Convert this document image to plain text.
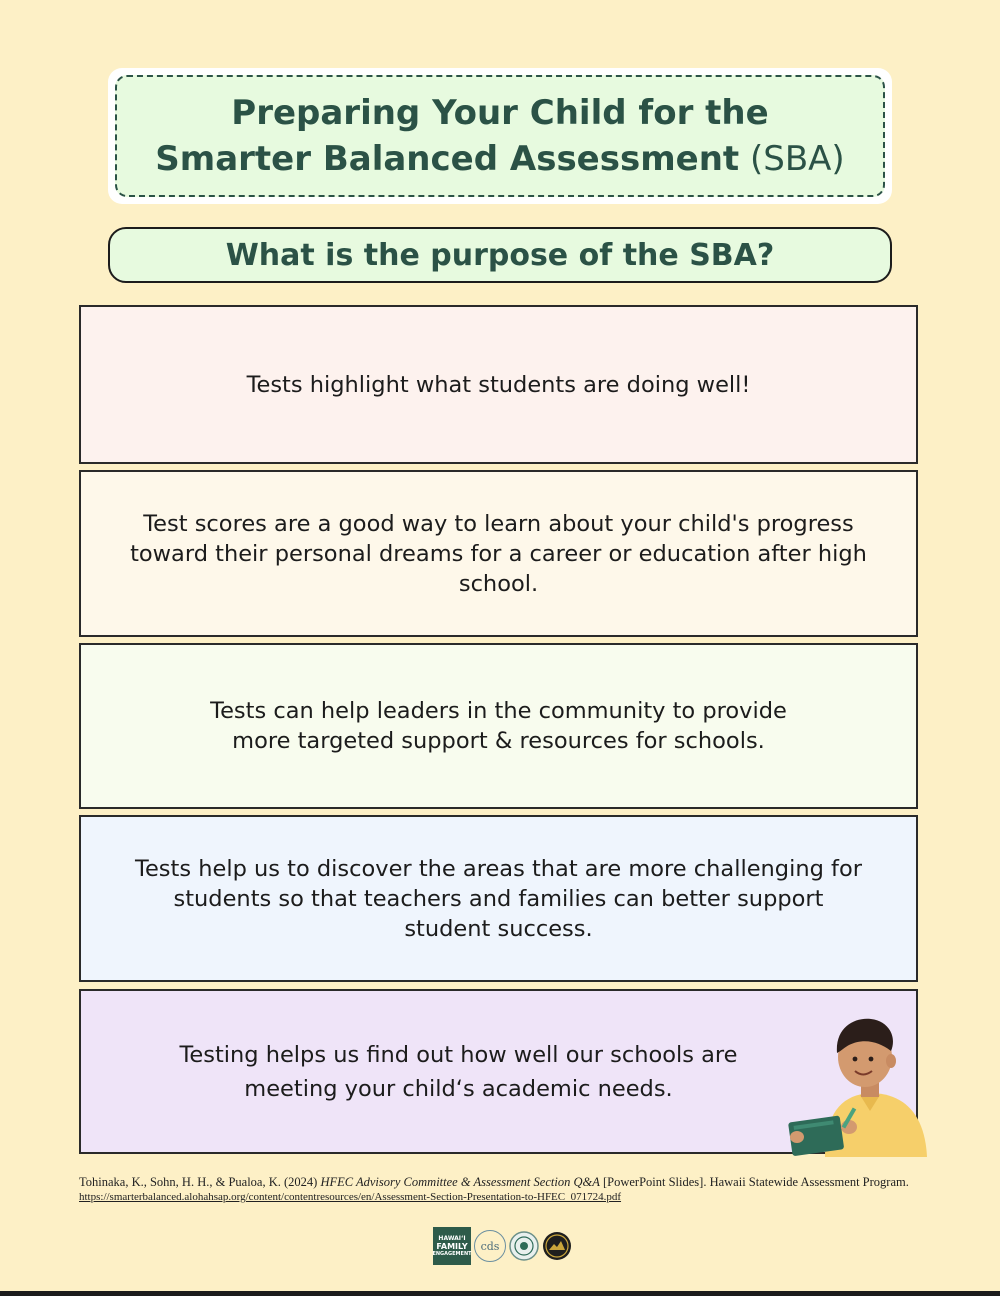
Preparing Your Child for the
Smarter Balanced Assessment (SBA)
What is the purpose of the SBA?

Tests highlight what students are doing well!

Test scores are a good way to learn about your child's progress toward their personal dreams for a career or education after high school.

Tests can help leaders in the community to provide more targeted support & resources for schools.

Tests help us to discover the areas that are more challenging for students so that teachers and families can better support student success.

Testing helps us find out how well our schools are meeting your child‘s academic needs.

Tohinaka, K., Sohn, H. H., & Pualoa, K. (2024) HFEC Advisory Committee & Assessment Section Q&A [PowerPoint Slides]. Hawaii Statewide Assessment Program.
https://smarterbalanced.alohahsap.org/content/contentresources/en/Assessment-Section-Presentation-to-HFEC_071724.pdf
HAWAIʻI
FAMILY
ENGAGEMENT
cds
